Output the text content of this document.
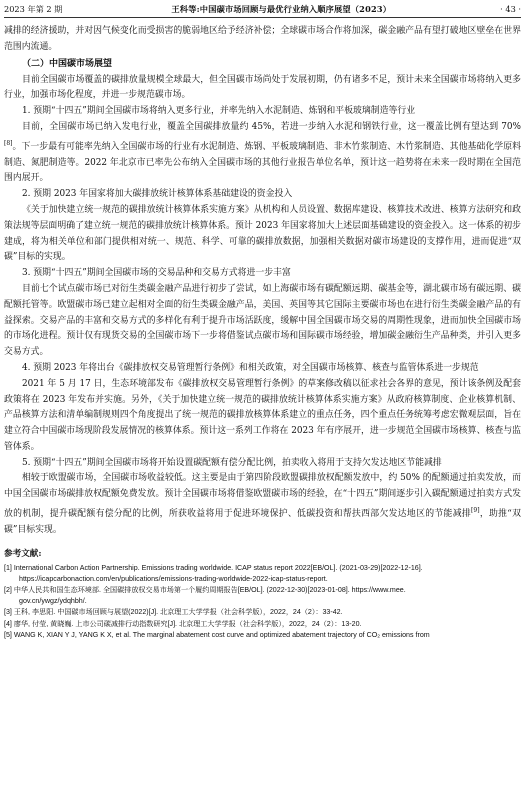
2023 年第 2 期	王科等:中国碳市场回顾与最优行业纳入顺序展望（2023）	· 43 ·

减排的经济援助，并对因气候变化而受损害的脆弱地区给予经济补偿；全球碳市场合作将加深，碳金融产品有望打破地区壁垒在世界范围内流通。

（二）中国碳市场展望

目前全国碳市场覆盖的碳排放量规模全球最大，但全国碳市场尚处于发展初期，仍有诸多不足，预计未来全国碳市场将纳入更多行业，加强市场化程度，并进一步规范碳市场。

1. 预期“十四五”期间全国碳市场将纳入更多行业，并率先纳入水泥制造、炼钢和平板玻璃制造等行业

目前，全国碳市场已纳入发电行业，覆盖全国碳排放量约 45%，若进一步纳入水泥和钢铁行业，这一覆盖比例有望达到 70%[8]。下一步最有可能率先纳入全国碳市场的行业有水泥制造、炼钢、平板玻璃制造、非木竹浆制造、木竹浆制造、其他基础化学原料制造、氮肥制造等。2022 年北京市已率先公布纳入全国碳市场的其他行业报告单位名单，预计这一趋势将在未来一段时期在全国范围内展开。

2. 预期 2023 年国家将加大碳排放统计核算体系基础建设的资金投入

《关于加快建立统一规范的碳排放统计核算体系实施方案》从机构和人员设置、数据库建设、核算技术改进、核算方法研究和政策法规等层面明确了建立统一规范的碳排放统计核算体系。预计 2023 年国家将加大上述层面基础建设的资金投入。这一体系的初步建成，将为相关单位和部门提供相对统一、规范、科学、可靠的碳排放数据，加强相关数据对碳市场建设的支撑作用，进而促进“双碳”目标的实现。

3. 预期“十四五”期间全国碳市场的交易品种和交易方式将进一步丰富

目前七个试点碳市场已对衍生类碳金融产品进行初步了尝试，如上海碳市场有碳配额远期、碳基金等，湖北碳市场有碳远期、碳配额托管等。欧盟碳市场已建立起相对全面的衍生类碳金融产品，美国、英国等其它国际主要碳市场也在进行衍生类碳金融产品的有益探索。交易产品的丰富和交易方式的多样化有利于提升市场活跃度，缓解中国全国碳市场交易的周期性现象，进而加快全国碳市场的市场化进程。预计仅有现货交易的全国碳市场下一步将借鉴试点碳市场和国际碳市场经验，增加碳金融衍生产品种类，并引入更多交易方式。

4. 预期 2023 年将出台《碳排放权交易管理暂行条例》和相关政策，对全国碳市场核算、核查与监管体系进一步规范

2021 年 5 月 17 日，生态环境部发布《碳排放权交易管理暂行条例》的草案修改稿以征求社会各界的意见，预计该条例及配套政策将在 2023 年发布并实施。另外，《关于加快建立统一规范的碳排放统计核算体系实施方案》从政府核算制度、企业核算机制、产品核算方法和清单编制规则四个角度提出了统一规范的碳排放核算体系建立的重点任务，四个重点任务统筹考虑宏微观层面，旨在建立符合中国碳市场现阶段发展情况的核算体系。预计这一系列工作将在 2023 年有序展开，进一步规范全国碳市场核算、核查与监管体系。

5. 预期“十四五”期间全国碳市场将开始设置碳配额有偿分配比例，拍卖收入将用于支持欠发达地区节能减排

相较于欧盟碳市场，全国碳市场收益较低。这主要是由于第四阶段欧盟碳排放权配额发放中，约 50% 的配额通过拍卖发放，而中国全国碳市场碳排放权配额免费发放。预计全国碳市场将借鉴欧盟碳市场的经验，在“十四五”期间逐步引入碳配额通过拍卖方式发放的机制，提升碳配额有偿分配的比例，所获收益将用于促进环境保护、低碳投资和帮扶西部欠发达地区的节能减排[9]，助推“双碳”目标实现。

参考文献:
[1] International Carbon Action Partnership. Emissions trading worldwide. ICAP status report 2022[EB/OL]. (2021-03-29)[2022-12-16].
https://icapcarbonaction.com/en/publications/emissions-trading-worldwide-2022-icap-status-report.
[2] 中华人民共和国生态环境部. 全国碳排放权交易市场第一个履约周期报告[EB/OL]. (2022-12-30)[2023-01-08]. https://www.mee.
gov.cn/ywgz/ydqhbh/.
[3] 王科, 李思阳. 中国碳市场回顾与展望(2022)[J]. 北京理工大学学报（社会科学版），2022，24（2）：33-42.
[4] 廖华, 付莹, 黄晓巍. 上市公司碳减排行动指数研究[J]. 北京理工大学学报（社会科学版），2022，24（2）：13-20.
[5] WANG K, XIAN Y J, YANG K X, et al. The marginal abatement cost curve and optimized abatement trajectory of CO₂ emissions from
